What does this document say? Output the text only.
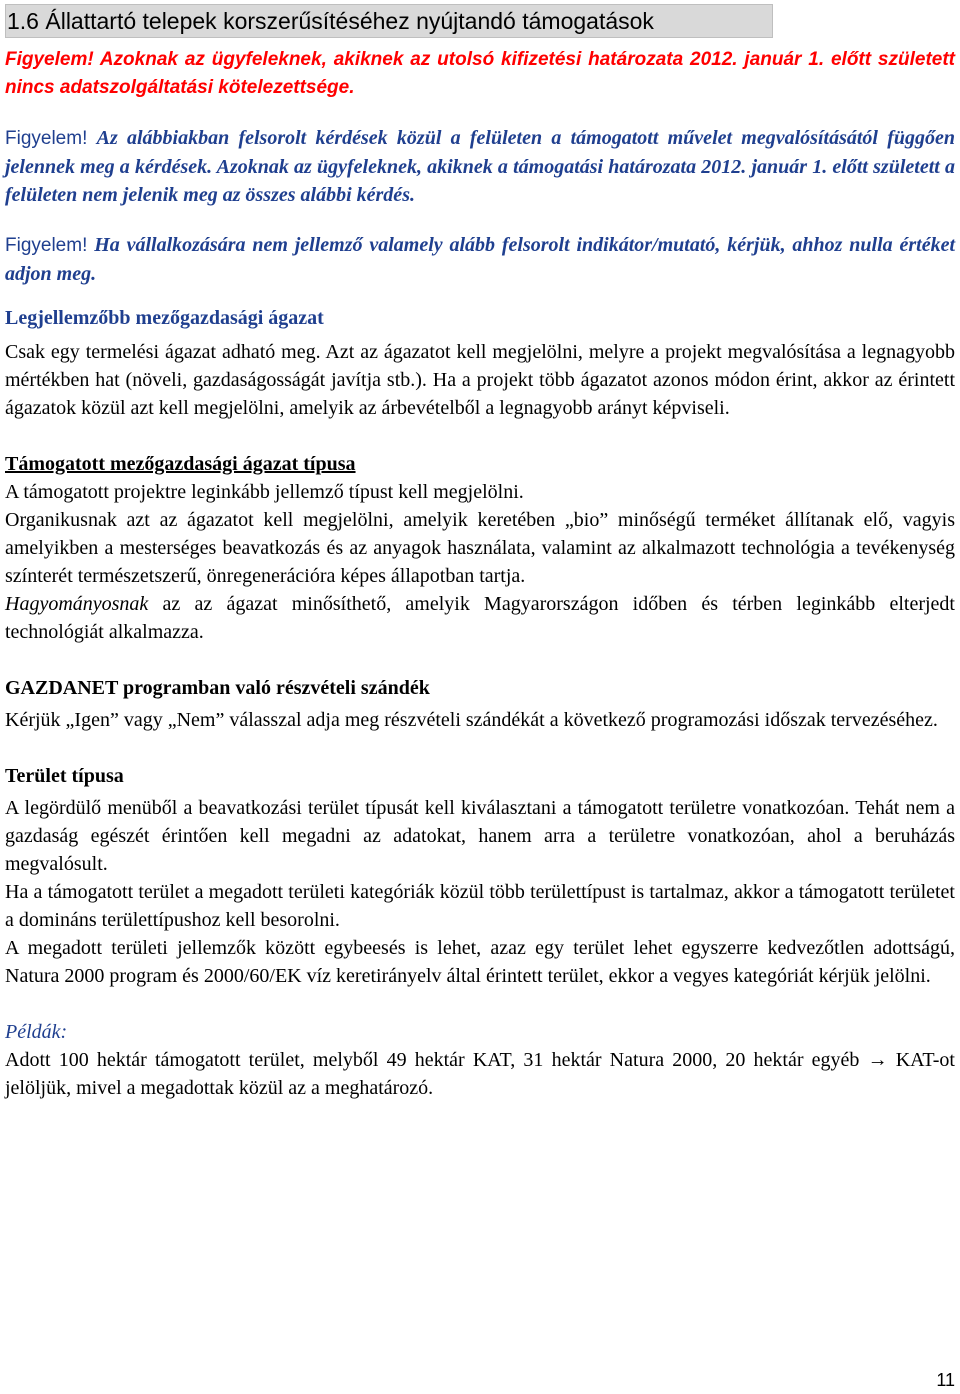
1.6 Állattartó telepek korszerűsítéséhez nyújtandó támogatások
Figyelem! Azoknak az ügyfeleknek, akiknek az utolsó kifizetési határozata 2012. január 1. előtt született nincs adatszolgáltatási kötelezettsége.

Figyelem! Az alábbiakban felsorolt kérdések közül a felületen a támogatott művelet megvalósításától függően jelennek meg a kérdések. Azoknak az ügyfeleknek, akiknek a támogatási határozata 2012. január 1. előtt született a felületen nem jelenik meg az összes alábbi kérdés.

Figyelem! Ha vállalkozására nem jellemző valamely alább felsorolt indikátor/mutató, kérjük, ahhoz nulla értéket adjon meg.

Legjellemzőbb mezőgazdasági ágazat

Csak egy termelési ágazat adható meg. Azt az ágazatot kell megjelölni, melyre a projekt megvalósítása a legnagyobb mértékben hat (növeli, gazdaságosságát javítja stb.). Ha a projekt több ágazatot azonos módon érint, akkor az érintett ágazatok közül azt kell megjelölni, amelyik az árbevételből a legnagyobb arányt képviseli.

Támogatott mezőgazdasági ágazat típusa

A támogatott projektre leginkább jellemző típust kell megjelölni.

Organikusnak azt az ágazatot kell megjelölni, amelyik keretében „bio” minőségű terméket állítanak elő, vagyis amelyikben a mesterséges beavatkozás és az anyagok használata, valamint az alkalmazott technológia a tevékenység színterét természetszerű, önregenerációra képes állapotban tartja.

Hagyományosnak az az ágazat minősíthető, amelyik Magyarországon időben és térben leginkább elterjedt technológiát alkalmazza.

GAZDANET programban való részvételi szándék

Kérjük „Igen” vagy „Nem” válasszal adja meg részvételi szándékát a következő programozási időszak tervezéséhez.

Terület típusa

A legördülő menüből a beavatkozási terület típusát kell kiválasztani a támogatott területre vonatkozóan. Tehát nem a gazdaság egészét érintően kell megadni az adatokat, hanem arra a területre vonatkozóan, ahol a beruházás megvalósult.

Ha a támogatott terület a megadott területi kategóriák közül több területtípust is tartalmaz, akkor a támogatott területet a domináns területtípushoz kell besorolni.

A megadott területi jellemzők között egybeesés is lehet, azaz egy terület lehet egyszerre kedvezőtlen adottságú, Natura 2000 program és 2000/60/EK víz keretirányelv által érintett terület, ekkor a vegyes kategóriát kérjük jelölni.

Példák:

Adott 100 hektár támogatott terület, melyből 49 hektár KAT, 31 hektár Natura 2000, 20 hektár egyéb → KAT-ot jelöljük, mivel a megadottak közül az a meghatározó.

11
